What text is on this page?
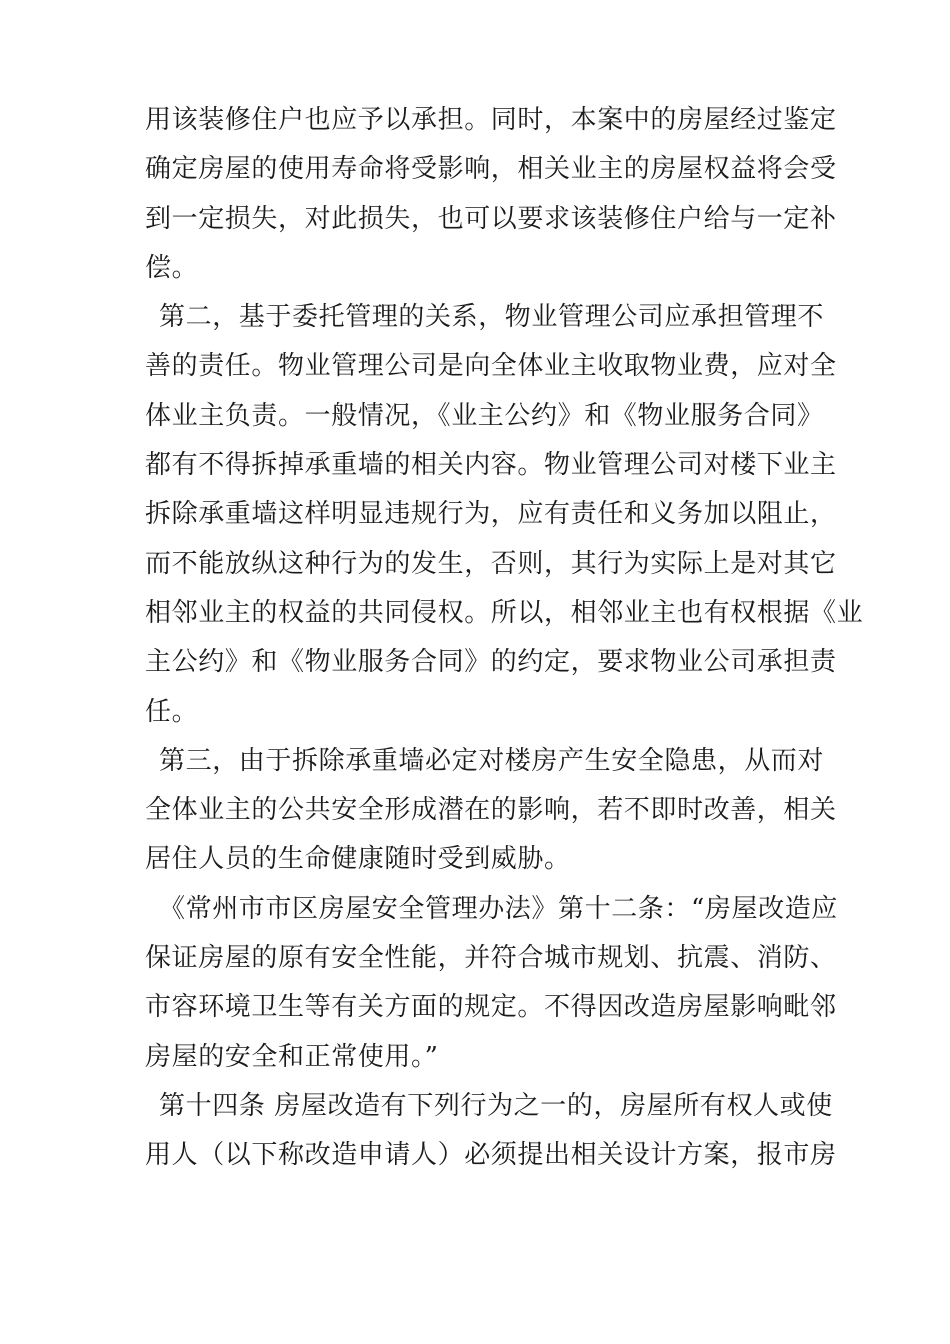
用该装修住户也应予以承担。同时，本案中的房屋经过鉴定
确定房屋的使用寿命将受影响，相关业主的房屋权益将会受
到一定损失，对此损失，也可以要求该装修住户给与一定补
偿。
第二，基于委托管理的关系，物业管理公司应承担管理不
善的责任。物业管理公司是向全体业主收取物业费，应对全
体业主负责。一般情况，《业主公约》和《物业服务合同》
都有不得拆掉承重墙的相关内容。物业管理公司对楼下业主
拆除承重墙这样明显违规行为，应有责任和义务加以阻止，
而不能放纵这种行为的发生，否则，其行为实际上是对其它
相邻业主的权益的共同侵权。所以，相邻业主也有权根据《业
主公约》和《物业服务合同》的约定，要求物业公司承担责
任。
第三，由于拆除承重墙必定对楼房产生安全隐患，从而对
全体业主的公共安全形成潜在的影响，若不即时改善，相关
居住人员的生命健康随时受到威胁。
《常州市市区房屋安全管理办法》第十二条：“房屋改造应
保证房屋的原有安全性能，并符合城市规划、抗震、消防、
市容环境卫生等有关方面的规定。不得因改造房屋影响毗邻
房屋的安全和正常使用。”
第十四条 房屋改造有下列行为之一的，房屋所有权人或使
用人（以下称改造申请人）必须提出相关设计方案，报市房
